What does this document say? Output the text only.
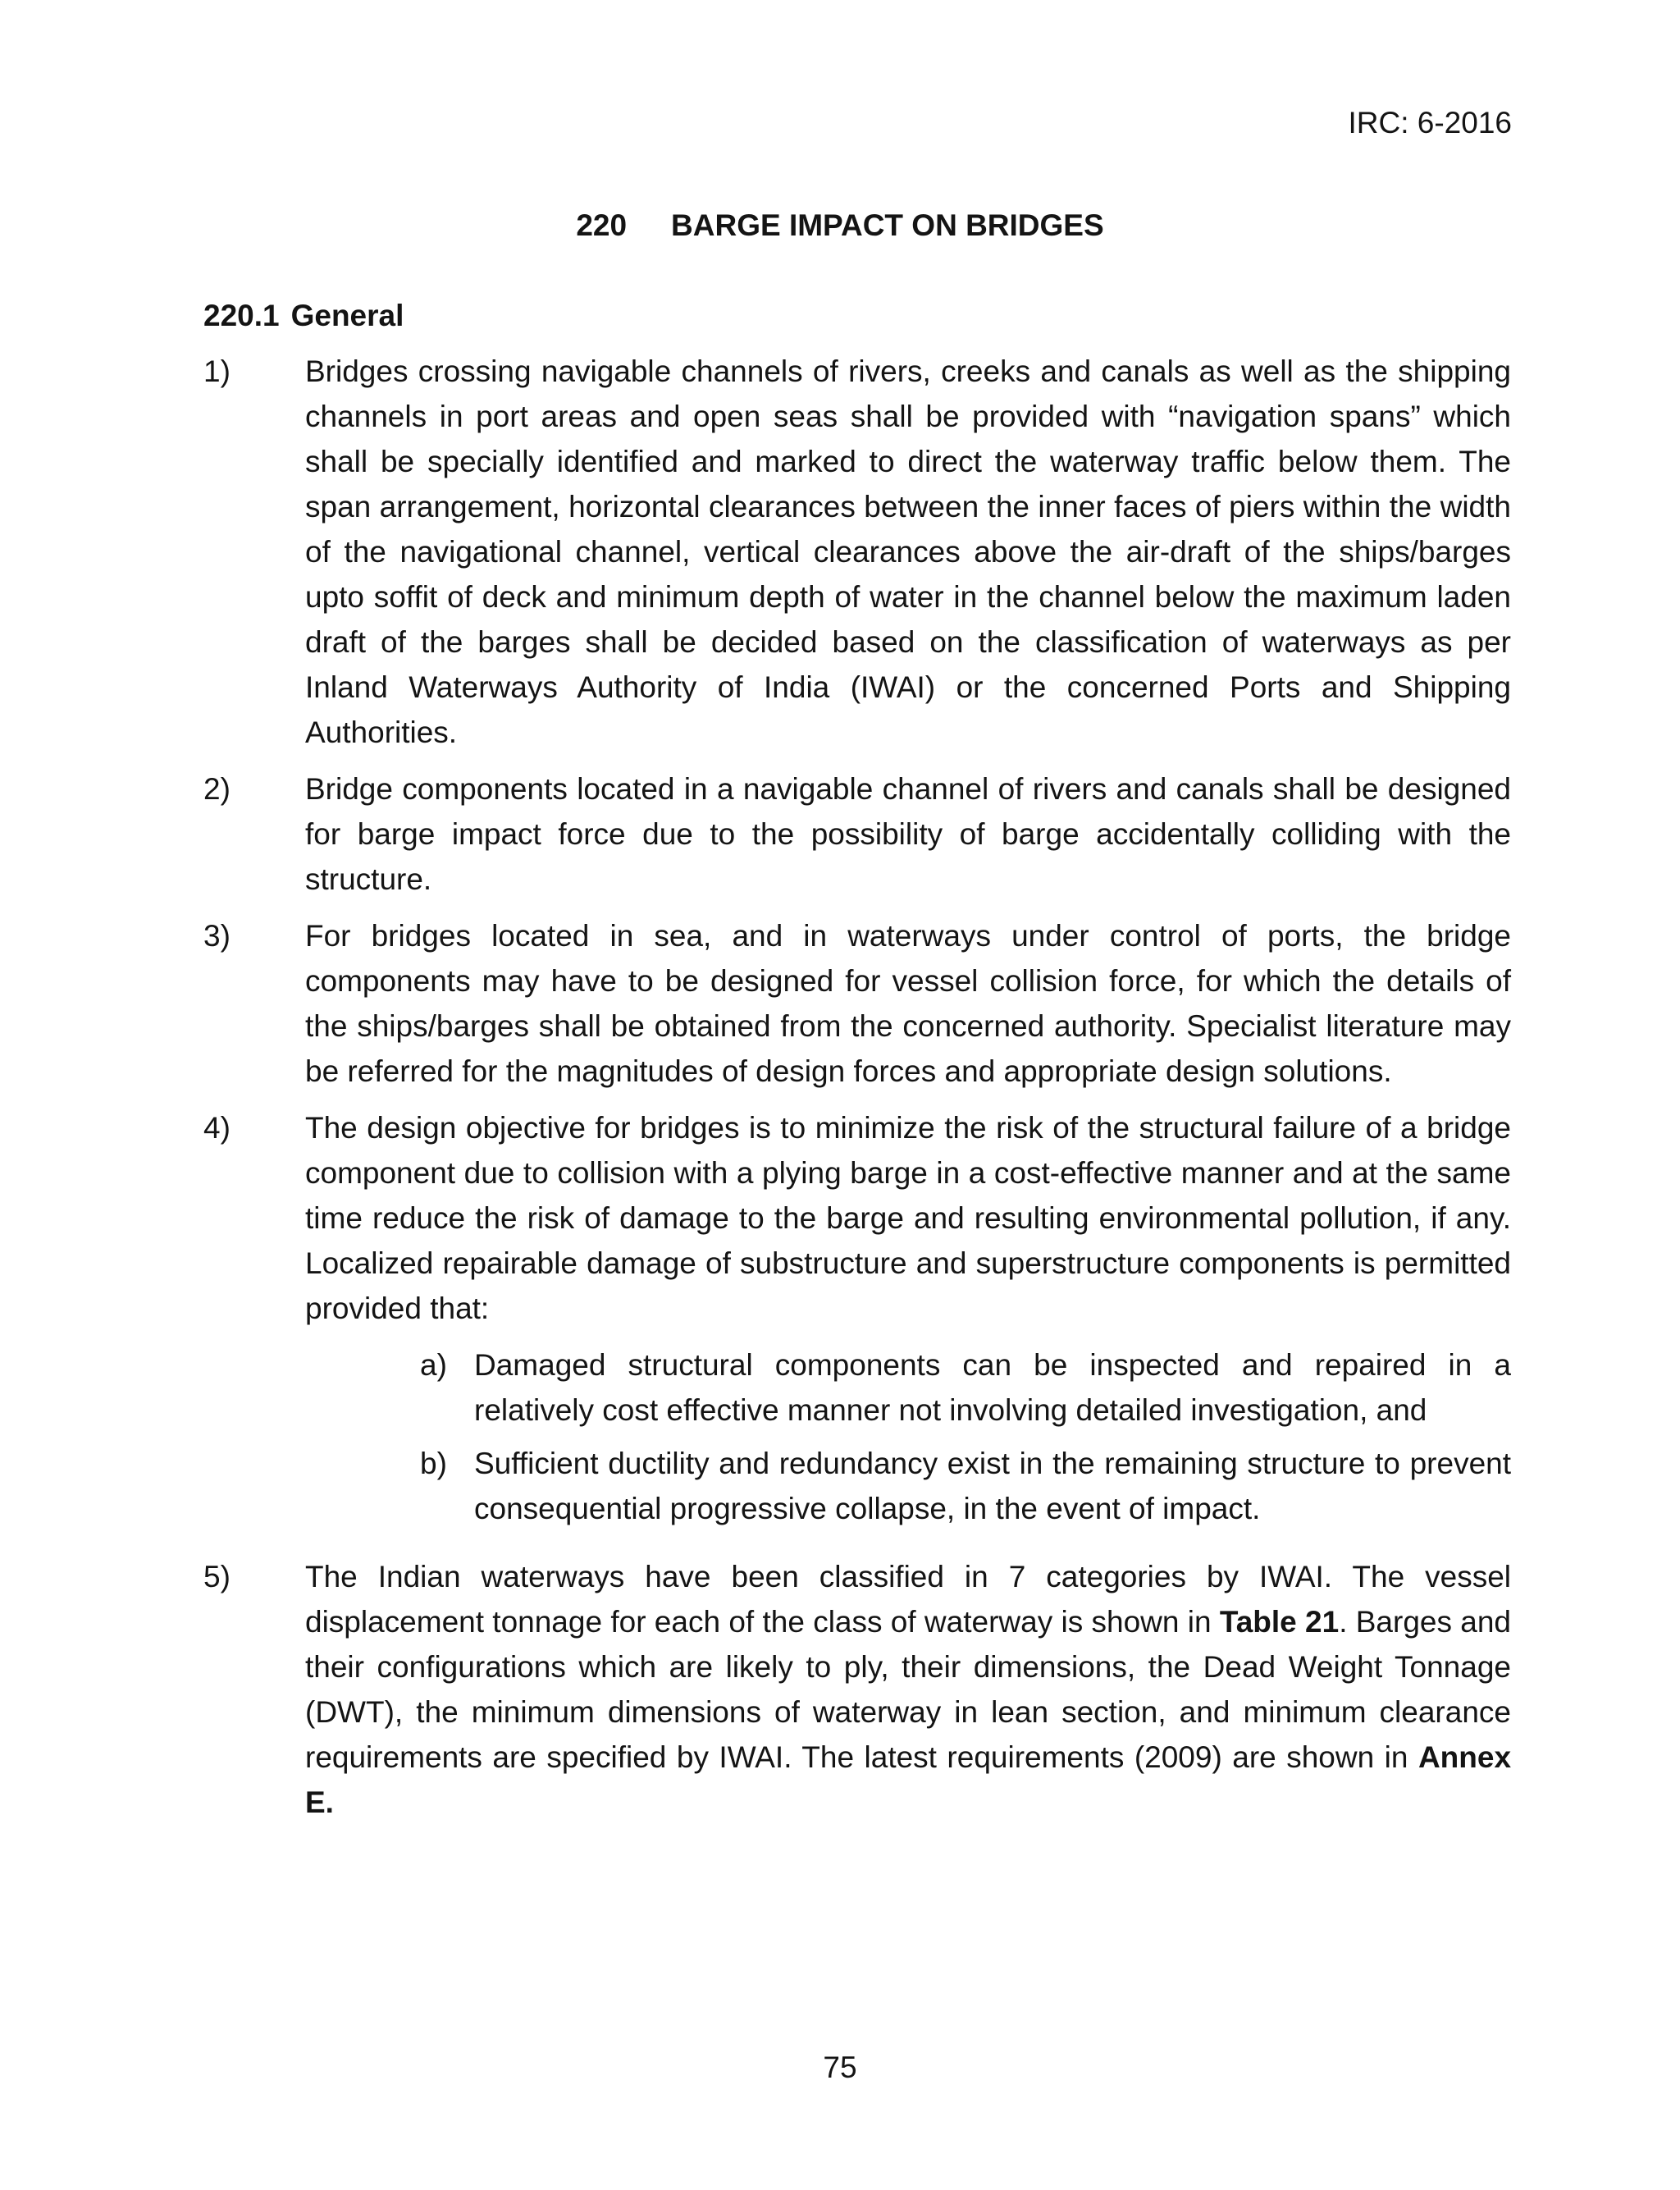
IRC: 6-2016
220 BARGE IMPACT ON BRIDGES
220.1 General
1)	Bridges crossing navigable channels of rivers, creeks and canals as well as the shipping channels in port areas and open seas shall be provided with “navigation spans” which shall be specially identified and marked to direct the waterway traffic below them. The span arrangement, horizontal clearances between the inner faces of piers within the width of the navigational channel, vertical clearances above the air-draft of the ships/barges upto soffit of deck and minimum depth of water in the channel below the maximum laden draft of the barges shall be decided based on the classification of waterways as per Inland Waterways Authority of India (IWAI) or the concerned Ports and Shipping Authorities.
2)	Bridge components located in a navigable channel of rivers and canals shall be designed for barge impact force due to the possibility of barge accidentally colliding with the structure.
3)	For bridges located in sea, and in waterways under control of ports, the bridge components may have to be designed for vessel collision force, for which the details of the ships/barges shall be obtained from the concerned authority. Specialist literature may be referred for the magnitudes of design forces and appropriate design solutions.
4)	The design objective for bridges is to minimize the risk of the structural failure of a bridge component due to collision with a plying barge in a cost-effective manner and at the same time reduce the risk of damage to the barge and resulting environmental pollution, if any. Localized repairable damage of substructure and superstructure components is permitted provided that:
a) Damaged structural components can be inspected and repaired in a relatively cost effective manner not involving detailed investigation, and
b) Sufficient ductility and redundancy exist in the remaining structure to prevent consequential progressive collapse, in the event of impact.
5)	The Indian waterways have been classified in 7 categories by IWAI. The vessel displacement tonnage for each of the class of waterway is shown in Table 21. Barges and their configurations which are likely to ply, their dimensions, the Dead Weight Tonnage (DWT), the minimum dimensions of waterway in lean section, and minimum clearance requirements are specified by IWAI. The latest requirements (2009) are shown in Annex E.
75
